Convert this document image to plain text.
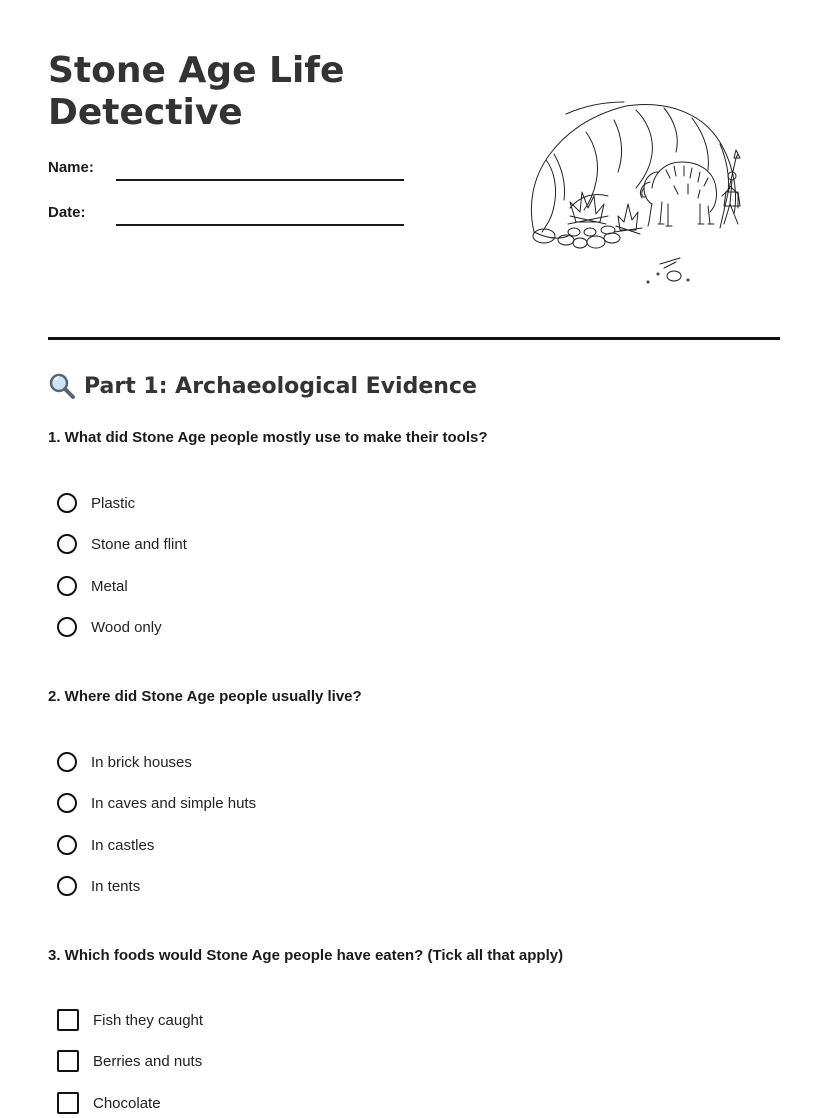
Stone Age Life Detective
Name:
Date:
Part 1: Archaeological Evidence
1. What did Stone Age people mostly use to make their tools?
Plastic
Stone and flint
Metal
Wood only
2. Where did Stone Age people usually live?
In brick houses
In caves and simple huts
In castles
In tents
3. Which foods would Stone Age people have eaten? (Tick all that apply)
Fish they caught
Berries and nuts
Chocolate
